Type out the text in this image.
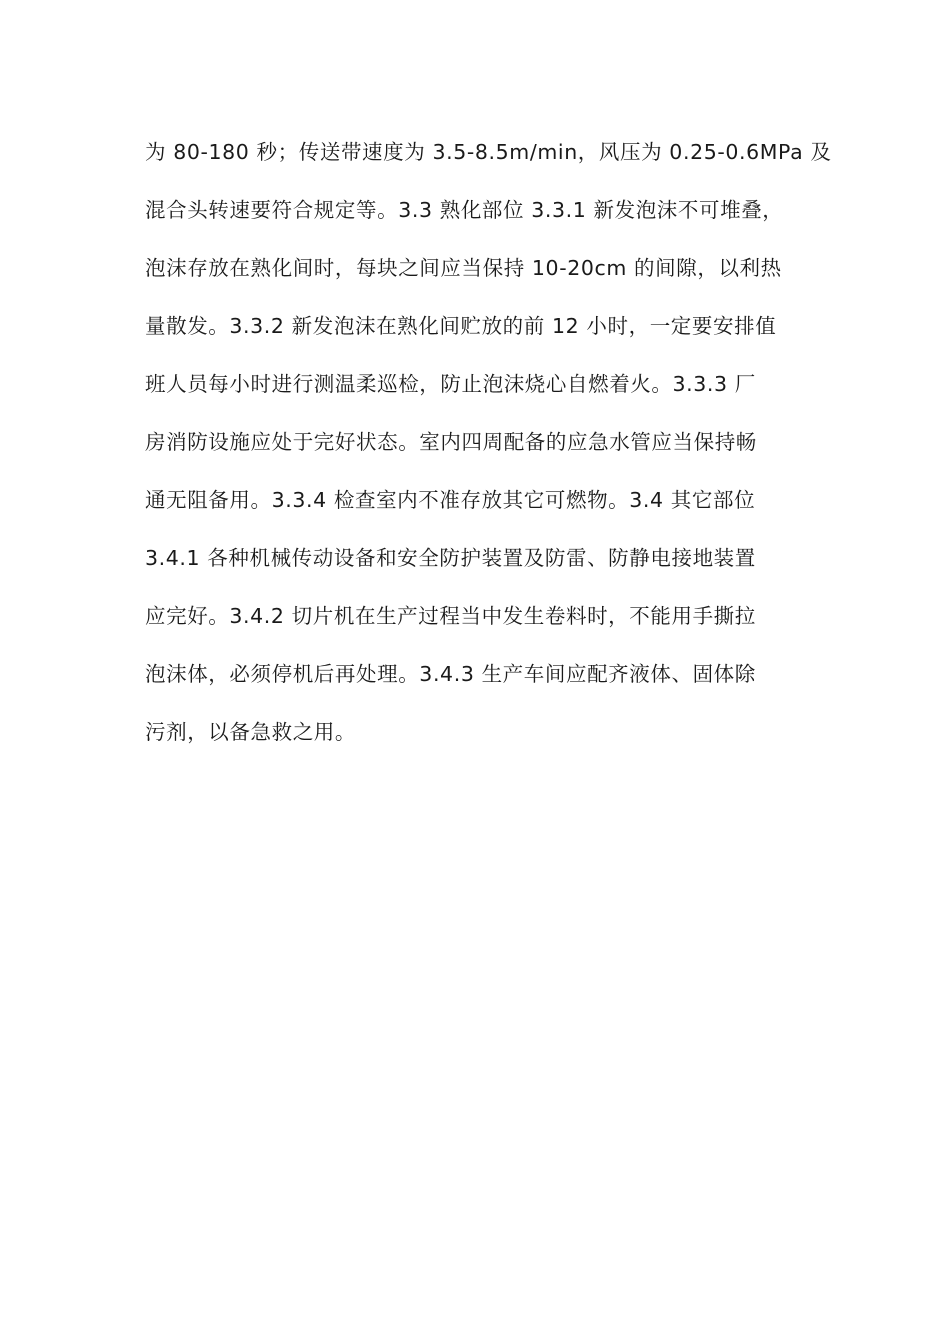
为 80-180 秒；传送带速度为 3.5-8.5m/min，风压为 0.25-0.6MPa 及
混合头转速要符合规定等。3.3 熟化部位 3.3.1 新发泡沫不可堆叠，
泡沫存放在熟化间时，每块之间应当保持 10-20cm 的间隙，以利热
量散发。3.3.2 新发泡沫在熟化间贮放的前 12 小时，一定要安排值
班人员每小时进行测温柔巡检，防止泡沫烧心自燃着火。3.3.3 厂
房消防设施应处于完好状态。室内四周配备的应急水管应当保持畅
通无阻备用。3.3.4 检查室内不准存放其它可燃物。3.4 其它部位
3.4.1 各种机械传动设备和安全防护装置及防雷、防静电接地装置
应完好。3.4.2 切片机在生产过程当中发生卷料时，不能用手撕拉
泡沫体，必须停机后再处理。3.4.3 生产车间应配齐液体、固体除
污剂，以备急救之用。
